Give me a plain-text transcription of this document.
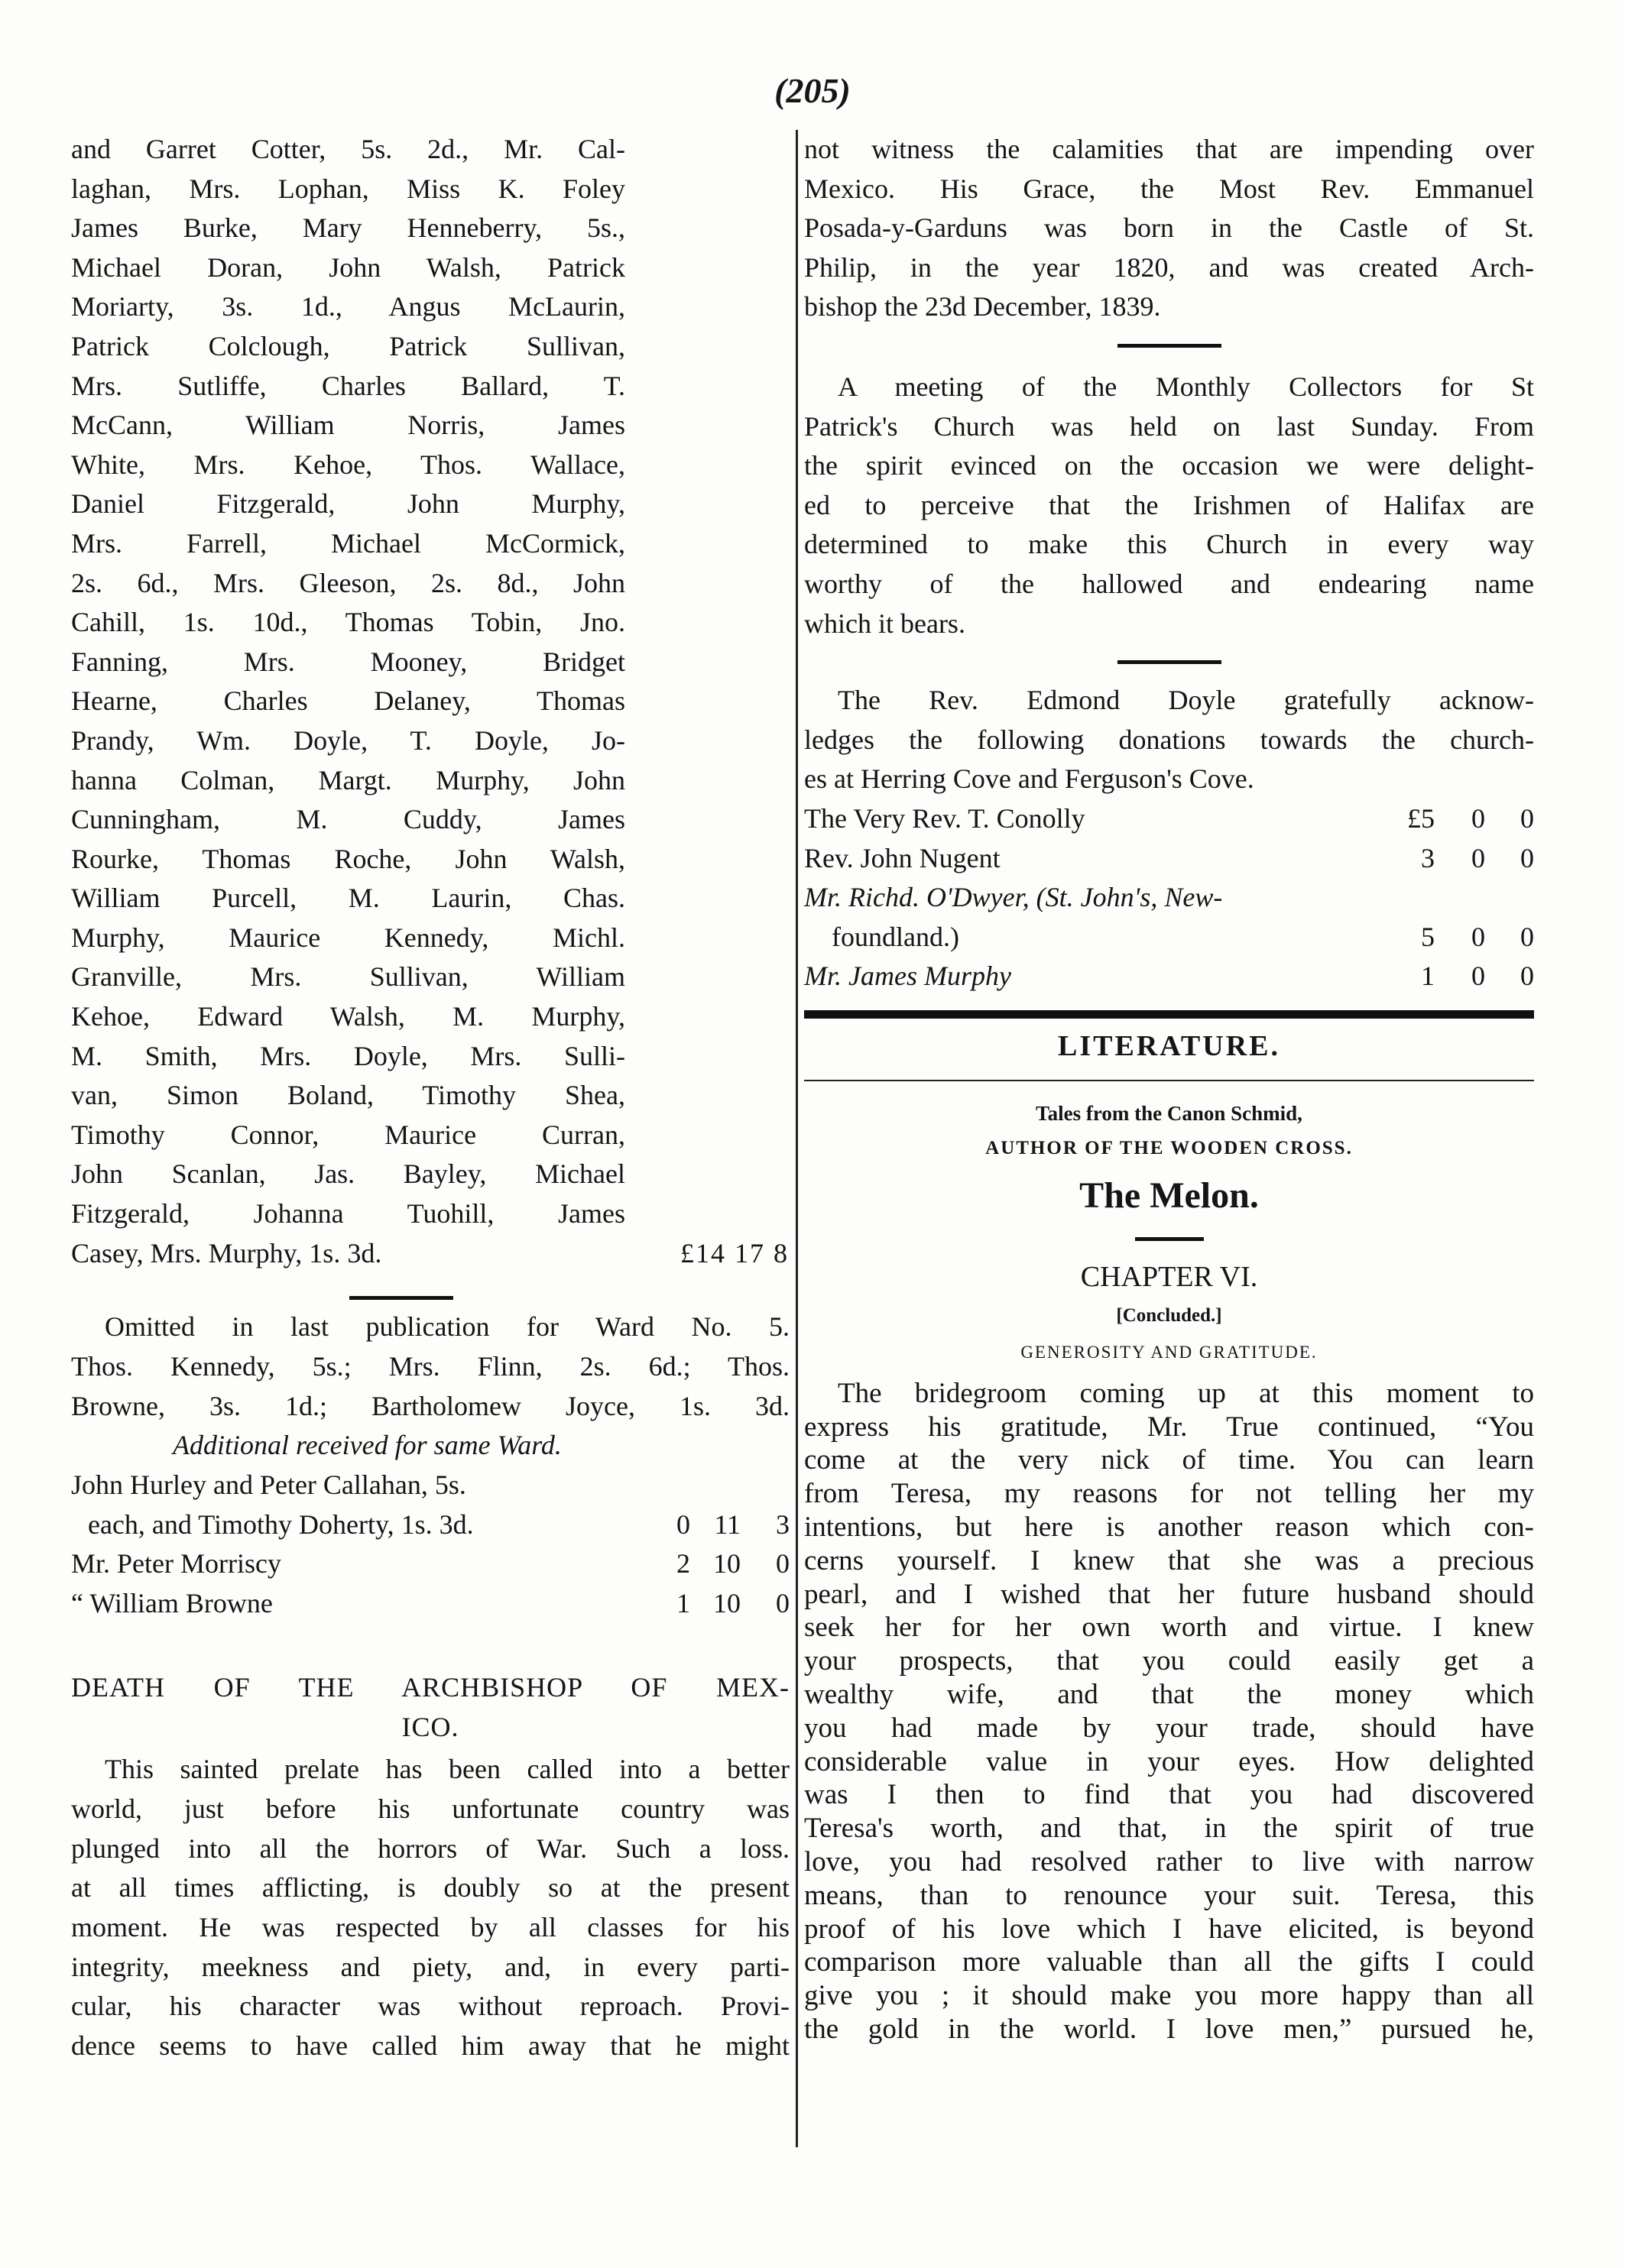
(205)

and Garret Cotter, 5s. 2d., Mr. Cal-

laghan, Mrs. Lophan, Miss K. Foley

James Burke, Mary Henneberry, 5s.,

Michael Doran, John Walsh, Patrick

Moriarty, 3s. 1d., Angus McLaurin,

Patrick Colclough, Patrick Sullivan,

Mrs. Sutliffe, Charles Ballard, T.

McCann, William Norris, James

White, Mrs. Kehoe, Thos. Wallace,

Daniel Fitzgerald, John Murphy,

Mrs. Farrell, Michael McCormick,

2s. 6d., Mrs. Gleeson, 2s. 8d., John

Cahill, 1s. 10d., Thomas Tobin, Jno.

Fanning, Mrs. Mooney, Bridget

Hearne, Charles Delaney, Thomas

Prandy, Wm. Doyle, T. Doyle, Jo-

hanna Colman, Margt. Murphy, John

Cunningham, M. Cuddy, James

Rourke, Thomas Roche, John Walsh,

William Purcell, M. Laurin, Chas.

Murphy, Maurice Kennedy, Michl.

Granville, Mrs. Sullivan, William

Kehoe, Edward Walsh, M. Murphy,

M. Smith, Mrs. Doyle, Mrs. Sulli-

van, Simon Boland, Timothy Shea,

Timothy Connor, Maurice Curran,

John Scanlan, Jas. Bayley, Michael

Fitzgerald, Johanna Tuohill, James

Casey, Mrs. Murphy, 1s. 3d.	£14 17 8

Omitted in last publication for Ward No. 5.

Thos. Kennedy, 5s.; Mrs. Flinn, 2s. 6d.; Thos.

Browne, 3s. 1d.; Bartholomew Joyce, 1s. 3d.

Additional received for same Ward.
John Hurley and Peter Callahan, 5s.
each, and Timothy Doherty, 1s. 3d.	0 11	3
Mr. Peter Morriscy	2 10	0
“ William Browne	1 10	0

DEATH OF THE ARCHBISHOP OF MEX-

ICO.

This sainted prelate has been called into a better

world, just before his unfortunate country was

plunged into all the horrors of War. Such a loss.

at all times afflicting, is doubly so at the present

moment. He was respected by all classes for his

integrity, meekness and piety, and, in every parti-

cular, his character was without reproach. Provi-

dence seems to have called him away that he might

not witness the calamities that are impending over

Mexico. His Grace, the Most Rev. Emmanuel

Posada-y-Garduns was born in the Castle of St.

Philip, in the year 1820, and was created Arch-

bishop the 23d December, 1839.

A meeting of the Monthly Collectors for St

Patrick's Church was held on last Sunday. From

the spirit evinced on the occasion we were delight-

ed to perceive that the Irishmen of Halifax are

determined to make this Church in every way

worthy of the hallowed and endearing name

which it bears.

The Rev. Edmond Doyle gratefully acknow-

ledges the following donations towards the church-

es at Herring Cove and Ferguson's Cove.

The Very Rev. T. Conolly	£5	0	0
Rev. John Nugent	3	0	0
Mr. Richd. O'Dwyer, (St. John's, New-
foundland.)	5	0	0
Mr. James Murphy	1	0	0
LITERATURE.
Tales from the Canon Schmid,
AUTHOR OF THE WOODEN CROSS.
The Melon.
CHAPTER VI.
[Concluded.]
GENEROSITY AND GRATITUDE.

The bridegroom coming up at this moment to

express his gratitude, Mr. True continued, “You

come at the very nick of time. You can learn

from Teresa, my reasons for not telling her my

intentions, but here is another reason which con-

cerns yourself. I knew that she was a precious

pearl, and I wished that her future husband should

seek her for her own worth and virtue. I knew

your prospects, that you could easily get a

wealthy wife, and that the money which

you had made by your trade, should have

considerable value in your eyes. How delighted

was I then to find that you had discovered

Teresa's worth, and that, in the spirit of true

love, you had resolved rather to live with narrow

means, than to renounce your suit. Teresa, this

proof of his love which I have elicited, is beyond

comparison more valuable than all the gifts I could

give you ; it should make you more happy than all

the gold in the world. I love men,” pursued he,
